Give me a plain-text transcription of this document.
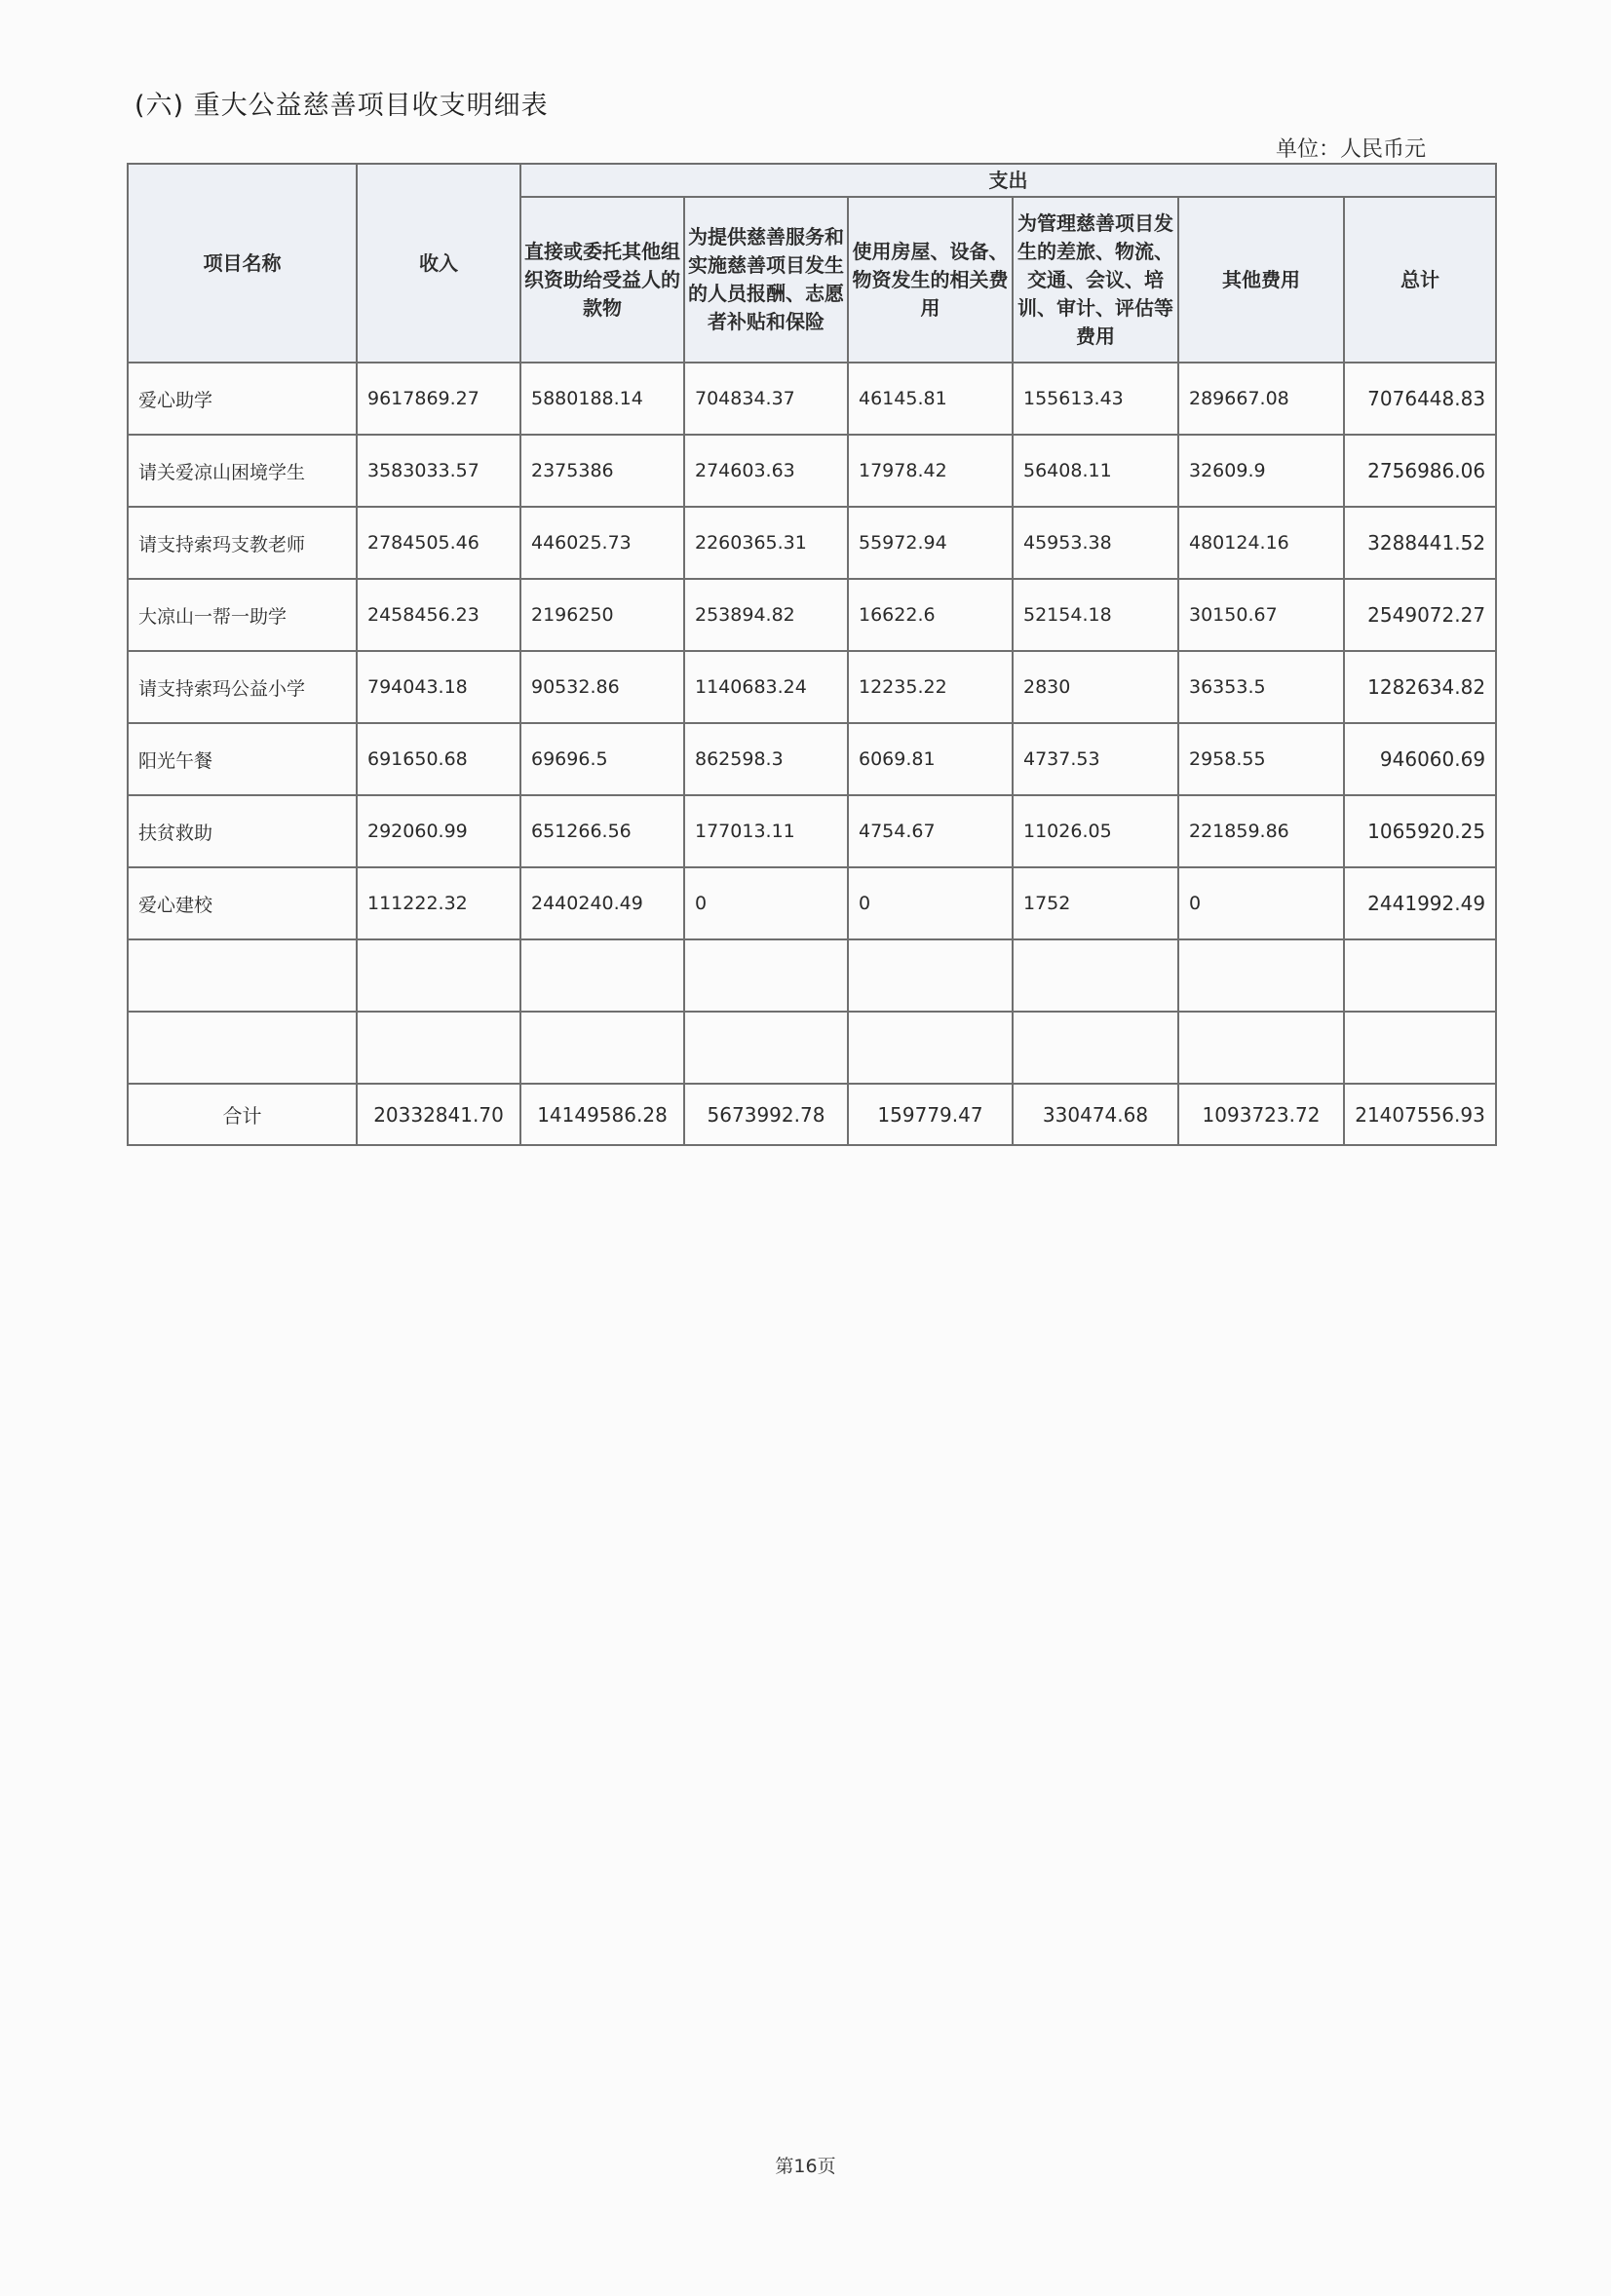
(六) 重大公益慈善项目收支明细表
单位：人民币元
项目名称	收入	支出					
		直接或委托其他组织资助给受益人的款物	为提供慈善服务和实施慈善项目发生的人员报酬、志愿者补贴和保险	使用房屋、设备、物资发生的相关费用	为管理慈善项目发生的差旅、物流、交通、会议、培训、审计、评估等费用	其他费用	总计
爱心助学	9617869.27	5880188.14	704834.37	46145.81	155613.43	289667.08	7076448.83
请关爱凉山困境学生	3583033.57	2375386	274603.63	17978.42	56408.11	32609.9	2756986.06
请支持索玛支教老师	2784505.46	446025.73	2260365.31	55972.94	45953.38	480124.16	3288441.52
大凉山一帮一助学	2458456.23	2196250	253894.82	16622.6	52154.18	30150.67	2549072.27
请支持索玛公益小学	794043.18	90532.86	1140683.24	12235.22	2830	36353.5	1282634.82
阳光午餐	691650.68	69696.5	862598.3	6069.81	4737.53	2958.55	946060.69
扶贫救助	292060.99	651266.56	177013.11	4754.67	11026.05	221859.86	1065920.25
爱心建校	111222.32	2440240.49	0	0	1752	0	2441992.49

合计	20332841.70	14149586.28	5673992.78	159779.47	330474.68	1093723.72	21407556.93
第16页
